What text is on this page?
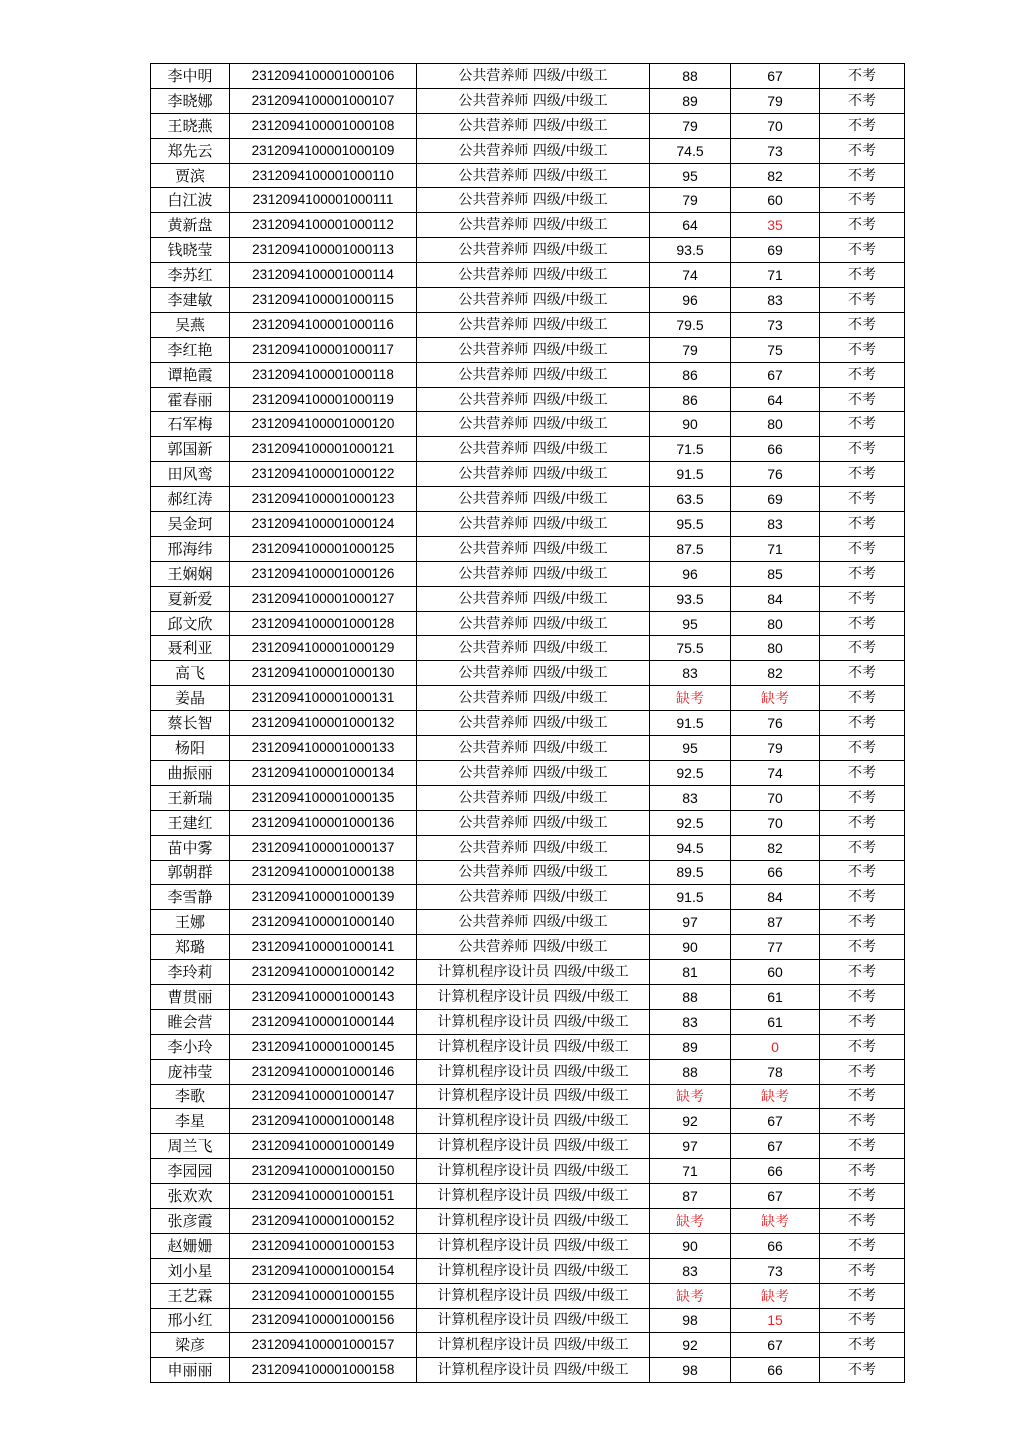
李中明	2312094100001000106	公共营养师 四级/中级工	88	67	不考
李晓娜	2312094100001000107	公共营养师 四级/中级工	89	79	不考
王晓燕	2312094100001000108	公共营养师 四级/中级工	79	70	不考
郑先云	2312094100001000109	公共营养师 四级/中级工	74.5	73	不考
贾滨	2312094100001000110	公共营养师 四级/中级工	95	82	不考
白江波	2312094100001000111	公共营养师 四级/中级工	79	60	不考
黄新盘	2312094100001000112	公共营养师 四级/中级工	64	35	不考
钱晓莹	2312094100001000113	公共营养师 四级/中级工	93.5	69	不考
李苏红	2312094100001000114	公共营养师 四级/中级工	74	71	不考
李建敏	2312094100001000115	公共营养师 四级/中级工	96	83	不考
吴燕	2312094100001000116	公共营养师 四级/中级工	79.5	73	不考
李红艳	2312094100001000117	公共营养师 四级/中级工	79	75	不考
谭艳霞	2312094100001000118	公共营养师 四级/中级工	86	67	不考
霍春丽	2312094100001000119	公共营养师 四级/中级工	86	64	不考
石军梅	2312094100001000120	公共营养师 四级/中级工	90	80	不考
郭国新	2312094100001000121	公共营养师 四级/中级工	71.5	66	不考
田风鸾	2312094100001000122	公共营养师 四级/中级工	91.5	76	不考
郝红涛	2312094100001000123	公共营养师 四级/中级工	63.5	69	不考
吴金珂	2312094100001000124	公共营养师 四级/中级工	95.5	83	不考
邢海纬	2312094100001000125	公共营养师 四级/中级工	87.5	71	不考
王娴娴	2312094100001000126	公共营养师 四级/中级工	96	85	不考
夏新爱	2312094100001000127	公共营养师 四级/中级工	93.5	84	不考
邱文欣	2312094100001000128	公共营养师 四级/中级工	95	80	不考
聂利亚	2312094100001000129	公共营养师 四级/中级工	75.5	80	不考
高飞	2312094100001000130	公共营养师 四级/中级工	83	82	不考
姜晶	2312094100001000131	公共营养师 四级/中级工	缺考	缺考	不考
蔡长智	2312094100001000132	公共营养师 四级/中级工	91.5	76	不考
杨阳	2312094100001000133	公共营养师 四级/中级工	95	79	不考
曲振丽	2312094100001000134	公共营养师 四级/中级工	92.5	74	不考
王新瑞	2312094100001000135	公共营养师 四级/中级工	83	70	不考
王建红	2312094100001000136	公共营养师 四级/中级工	92.5	70	不考
苗中雾	2312094100001000137	公共营养师 四级/中级工	94.5	82	不考
郭朝群	2312094100001000138	公共营养师 四级/中级工	89.5	66	不考
李雪静	2312094100001000139	公共营养师 四级/中级工	91.5	84	不考
王娜	2312094100001000140	公共营养师 四级/中级工	97	87	不考
郑璐	2312094100001000141	公共营养师 四级/中级工	90	77	不考
李玲莉	2312094100001000142	计算机程序设计员 四级/中级工	81	60	不考
曹贯丽	2312094100001000143	计算机程序设计员 四级/中级工	88	61	不考
睢会营	2312094100001000144	计算机程序设计员 四级/中级工	83	61	不考
李小玲	2312094100001000145	计算机程序设计员 四级/中级工	89	0	不考
庞祎莹	2312094100001000146	计算机程序设计员 四级/中级工	88	78	不考
李歌	2312094100001000147	计算机程序设计员 四级/中级工	缺考	缺考	不考
李星	2312094100001000148	计算机程序设计员 四级/中级工	92	67	不考
周兰飞	2312094100001000149	计算机程序设计员 四级/中级工	97	67	不考
李园园	2312094100001000150	计算机程序设计员 四级/中级工	71	66	不考
张欢欢	2312094100001000151	计算机程序设计员 四级/中级工	87	67	不考
张彦霞	2312094100001000152	计算机程序设计员 四级/中级工	缺考	缺考	不考
赵姗姗	2312094100001000153	计算机程序设计员 四级/中级工	90	66	不考
刘小星	2312094100001000154	计算机程序设计员 四级/中级工	83	73	不考
王艺霖	2312094100001000155	计算机程序设计员 四级/中级工	缺考	缺考	不考
邢小红	2312094100001000156	计算机程序设计员 四级/中级工	98	15	不考
梁彦	2312094100001000157	计算机程序设计员 四级/中级工	92	67	不考
申丽丽	2312094100001000158	计算机程序设计员 四级/中级工	98	66	不考
